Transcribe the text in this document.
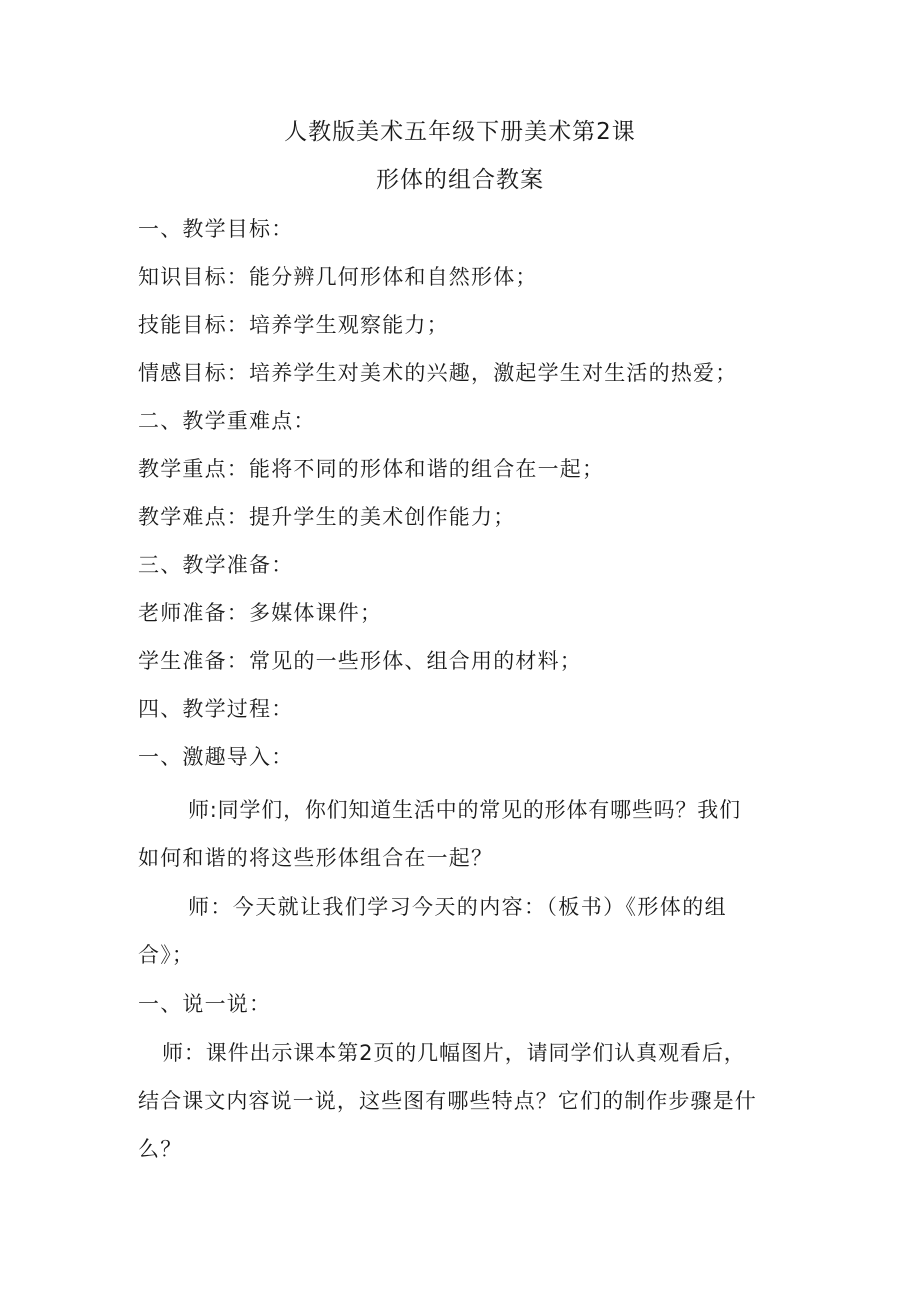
人教版美术五年级下册美术第2课
形体的组合教案
一、教学目标：
知识目标：能分辨几何形体和自然形体；
技能目标：培养学生观察能力；
情感目标：培养学生对美术的兴趣，激起学生对生活的热爱；
二、教学重难点：
教学重点：能将不同的形体和谐的组合在一起；
教学难点：提升学生的美术创作能力；
三、教学准备：
老师准备：多媒体课件；
学生准备：常见的一些形体、组合用的材料；
四、教学过程：
一、激趣导入：
师:同学们，你们知道生活中的常见的形体有哪些吗？我们
如何和谐的将这些形体组合在一起？
师：今天就让我们学习今天的内容：（板书）《形体的组
合》；
一、说一说：
师：课件出示课本第2页的几幅图片，请同学们认真观看后，
结合课文内容说一说，这些图有哪些特点？它们的制作步骤是什
么？
